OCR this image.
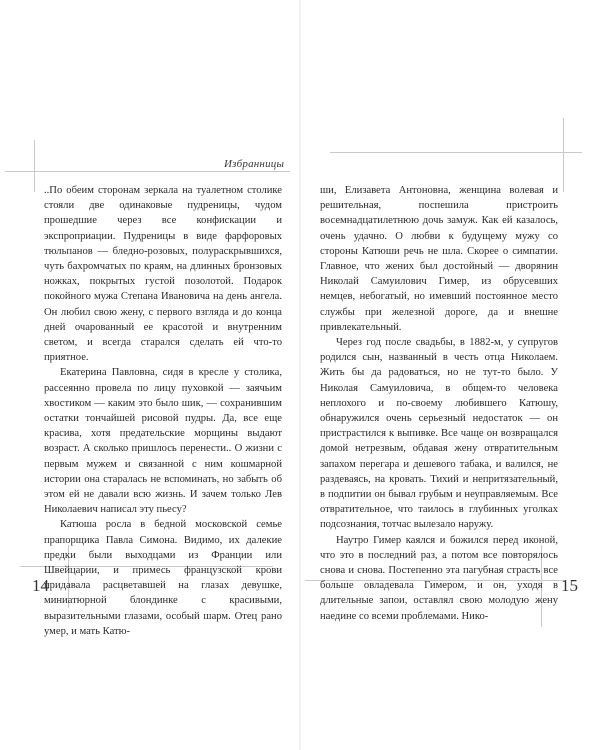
Избранницы

..По обеим сторонам зеркала на туалетном столике стояли две одинаковые пудреницы, чудом прошедшие через все конфискации и экспроприации. Пудреницы в виде фарфоровых тюльпанов — бледно-розовых, полураскрывшихся, чуть бахромчатых по краям, на длинных бронзовых ножках, покрытых густой позолотой. Подарок покойного мужа Степана Ивановича на день ангела. Он любил свою жену, с первого взгляда и до конца дней очарованный ее красотой и внутренним светом, и всегда старался сделать ей что-то приятное.

Екатерина Павловна, сидя в кресле у столика, рассеянно провела по лицу пуховкой — заячьим хвостиком — каким это было шик, — сохранившим остатки тончайшей рисовой пудры. Да, все еще красива, хотя предательские морщины выдают возраст. А сколько пришлось перенести.. О жизни с первым мужем и связанной с ним кошмарной истории она старалась не вспоминать, но забыть об этом ей не давали всю жизнь. И зачем только Лев Николаевич написал эту пьесу?

Катюша росла в бедной московской семье прапорщика Павла Симона. Видимо, их далекие предки были выходцами из Франции или Швейцарии, и примесь французской крови придавала расцветавшей на глазах девушке, миниатюрной блондинке с красивыми, выразительными глазами, особый шарм. Отец рано умер, и мать Катю-

14

ши, Елизавета Антоновна, женщина волевая и решительная, поспешила пристроить восемнадцатилетнюю дочь замуж. Как ей казалось, очень удачно. О любви к будущему мужу со стороны Катюши речь не шла. Скорее о симпатии. Главное, что жених был достойный — дворянин Николай Самуилович Гимер, из обрусевших немцев, небогатый, но имевший постоянное место службы при железной дороге, да и внешне привлекательный.

Через год после свадьбы, в 1882-м, у супругов родился сын, названный в честь отца Николаем. Жить бы да радоваться, но не тут-то было. У Николая Самуиловича, в общем-то человека неплохого и по-своему любившего Катюшу, обнаружился очень серьезный недостаток — он пристрастился к выпивке. Все чаще он возвращался домой нетрезвым, обдавая жену отвратительным запахом перегара и дешевого табака, и валился, не раздеваясь, на кровать. Тихий и непритязательный, в подпитии он бывал грубым и неуправляемым. Все отвратительное, что таилось в глубинных уголках подсознания, тотчас вылезало наружу.

Наутро Гимер каялся и божился перед иконой, что это в последний раз, а потом все повторялось снова и снова. Постепенно эта пагубная страсть все больше овладевала Гимером, и он, уходя в длительные запои, оставлял свою молодую жену наедине со всеми проблемами. Нико-

15
